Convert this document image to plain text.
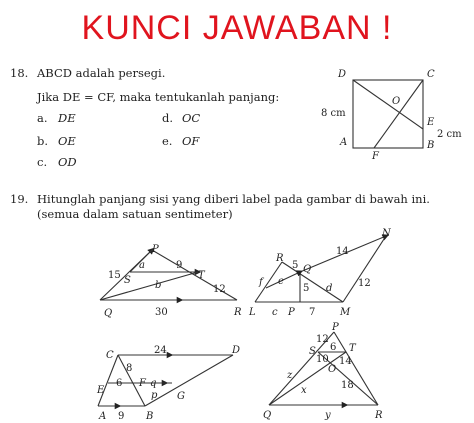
KUNCI JAWABAN !
18. ABCD adalah persegi.
Jika DE = CF, maka tentukanlah panjang:
a. DE	d. OC
b. OE	e. OF
c. OD
D	C
A	B
O
E
F
8 cm
2 cm
19. Hitunglah panjang sisi yang diberi label pada gambar di bawah ini.
(semua dalam satuan sentimeter)
P
Q	R
S	T
a
b
9
15
12
30
N
R
L c P 7 M
Q
5
14
f e
5 d	12
C	24	D
8
E
6 F q
p G
A 9 B
P
12
S 6 T
10 14
O
z
18
x
Q	y	R
